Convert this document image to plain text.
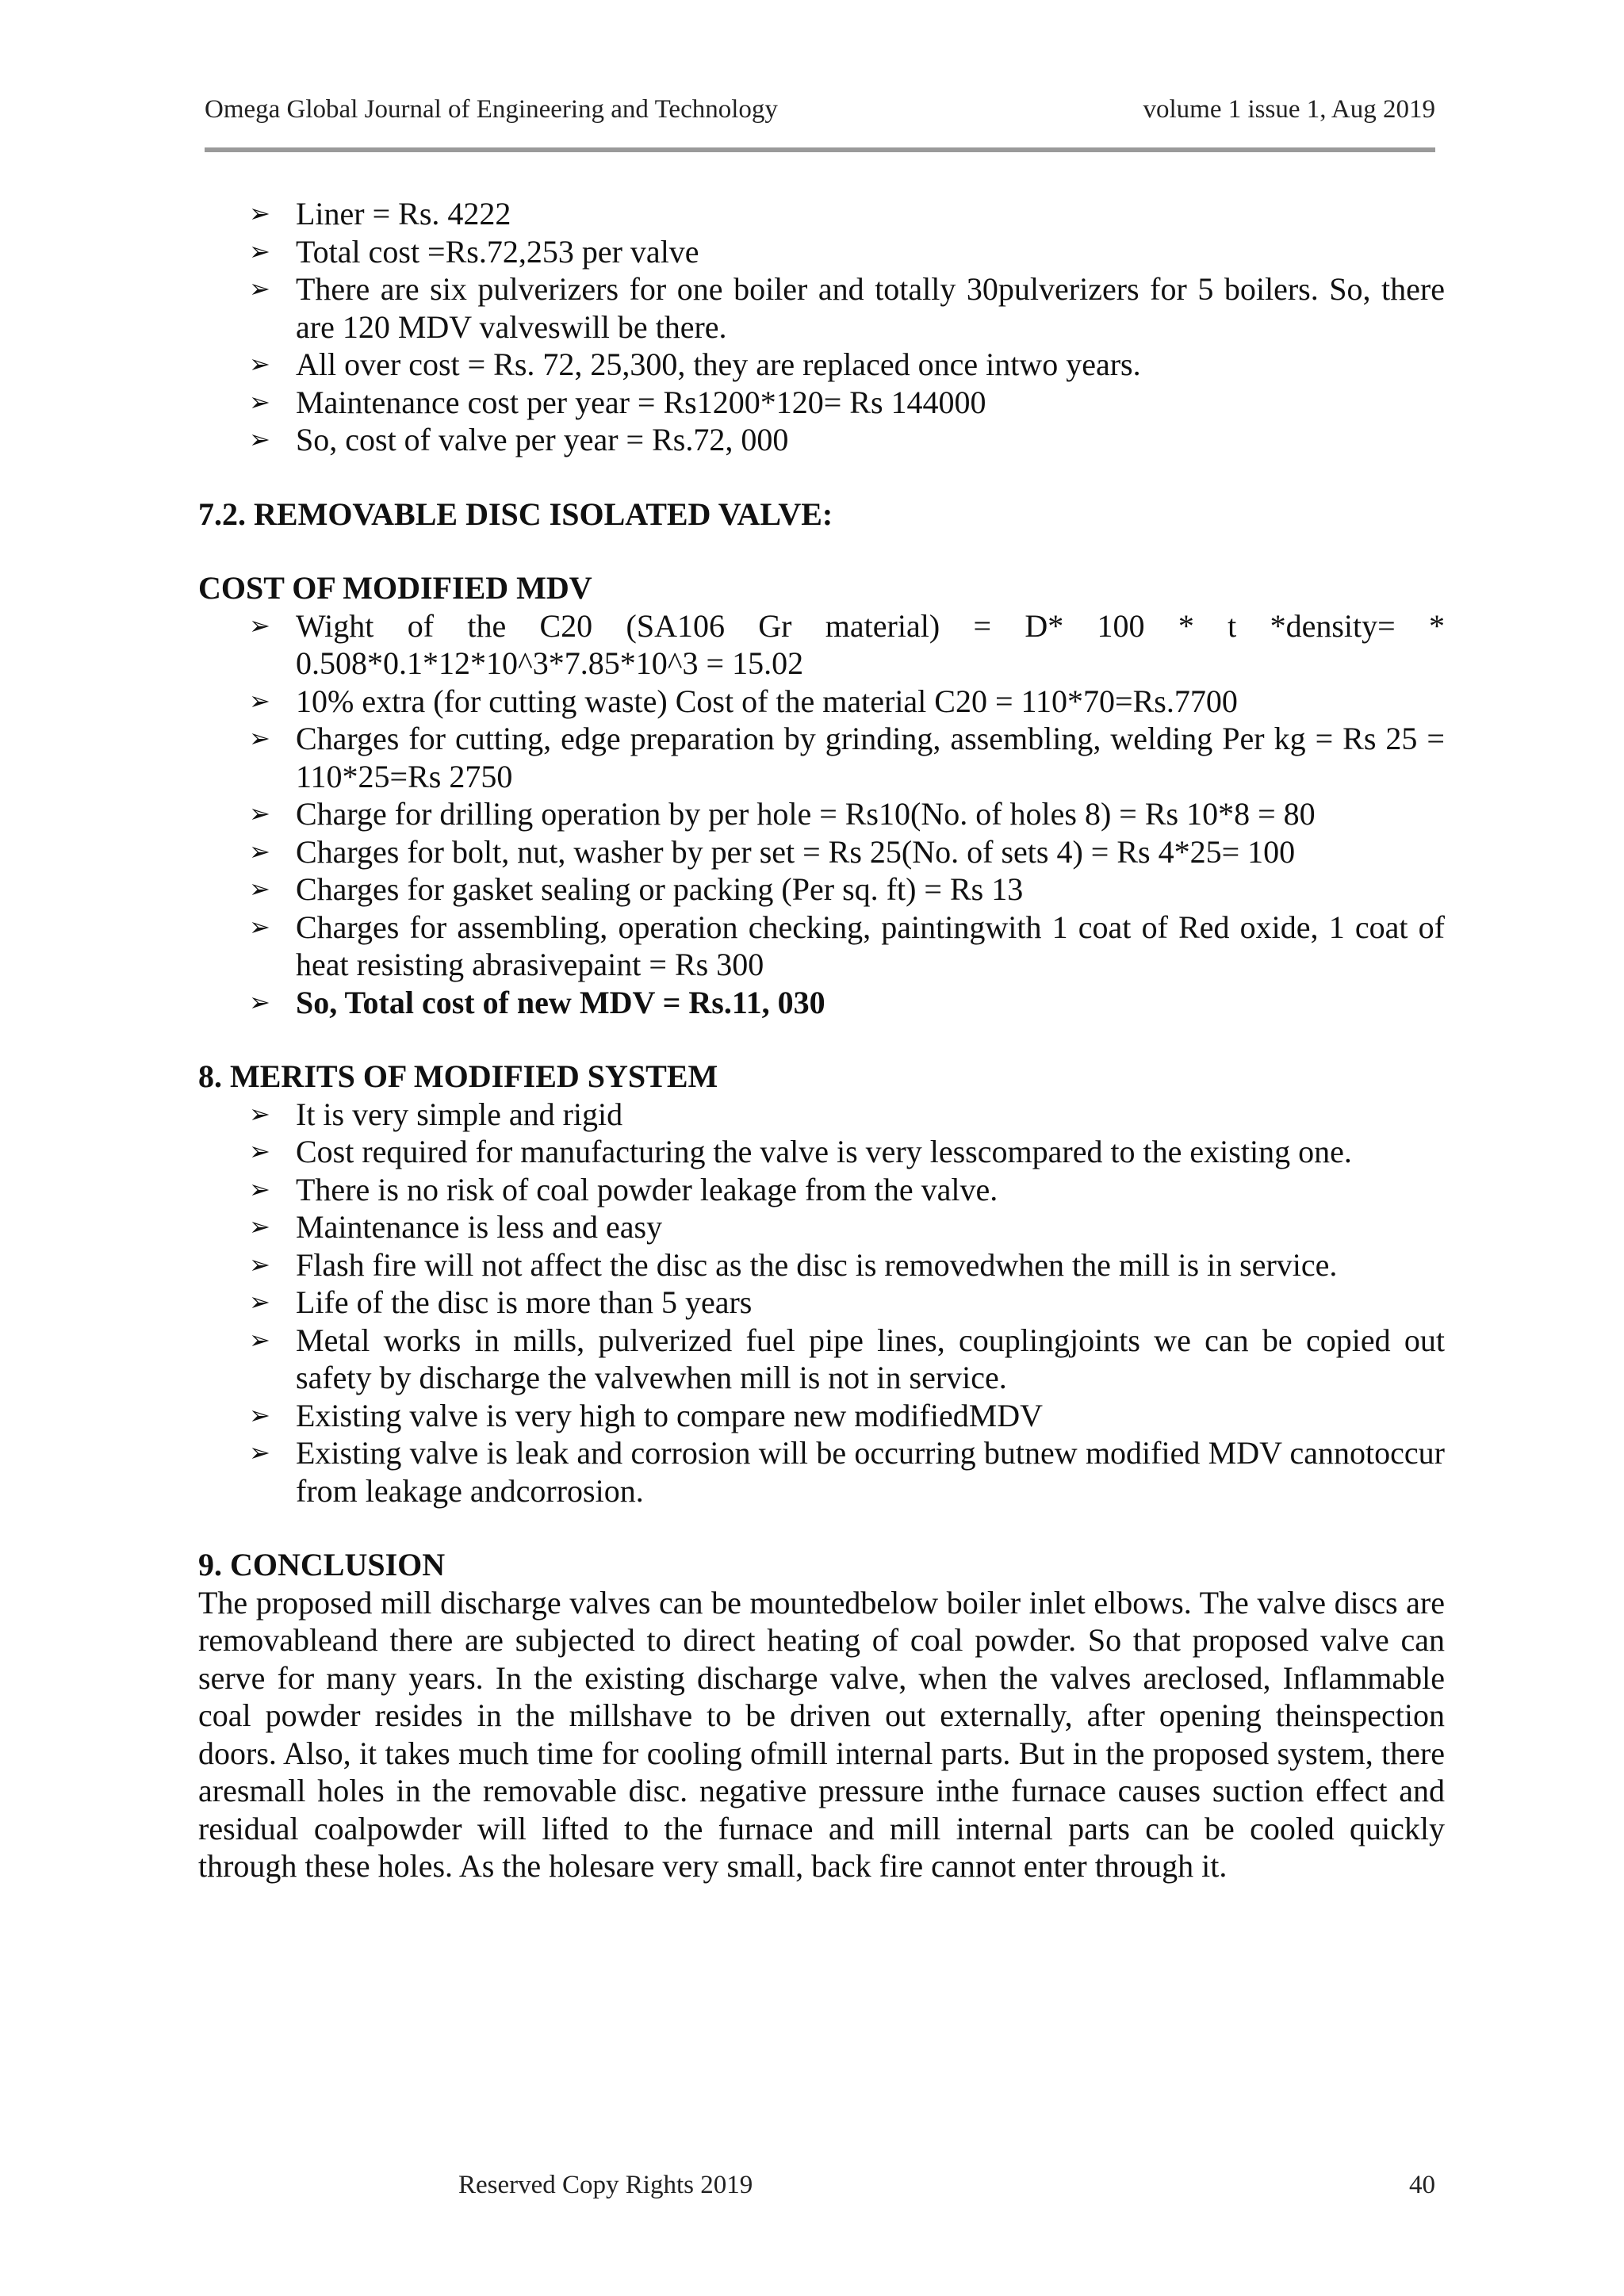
Omega Global Journal of Engineering and Technology	volume 1 issue 1, Aug 2019
➢ Liner = Rs. 4222
➢ Total cost =Rs.72,253 per valve
➢ There are six pulverizers for one boiler and totally 30pulverizers for 5 boilers. So, there are 120 MDV valveswill be there.
➢ All over cost = Rs. 72, 25,300, they are replaced once intwo years.
➢ Maintenance cost per year = Rs1200*120= Rs 144000
➢ So, cost of valve per year = Rs.72, 000
7.2. REMOVABLE DISC ISOLATED VALVE:
COST OF MODIFIED MDV
➢ Wight of the C20 (SA106 Gr material) = D* 100 * t *density= * 0.508*0.1*12*10^3*7.85*10^3 = 15.02
➢ 10% extra (for cutting waste) Cost of the material C20 = 110*70=Rs.7700
➢ Charges for cutting, edge preparation by grinding, assembling, welding Per kg = Rs 25 = 110*25=Rs 2750
➢ Charge for drilling operation by per hole = Rs10(No. of holes 8) = Rs 10*8 = 80
➢ Charges for bolt, nut, washer by per set = Rs 25(No. of sets 4) = Rs 4*25= 100
➢ Charges for gasket sealing or packing (Per sq. ft) = Rs 13
➢ Charges for assembling, operation checking, paintingwith 1 coat of Red oxide, 1 coat of heat resisting abrasivepaint = Rs 300
➢ So, Total cost of new MDV = Rs.11, 030
8. MERITS OF MODIFIED SYSTEM
➢ It is very simple and rigid
➢ Cost required for manufacturing the valve is very lesscompared to the existing one.
➢ There is no risk of coal powder leakage from the valve.
➢ Maintenance is less and easy
➢ Flash fire will not affect the disc as the disc is removedwhen the mill is in service.
➢ Life of the disc is more than 5 years
➢ Metal works in mills, pulverized fuel pipe lines, couplingjoints we can be copied out safety by discharge the valvewhen mill is not in service.
➢ Existing valve is very high to compare new modifiedMDV
➢ Existing valve is leak and corrosion will be occurring butnew modified MDV cannotoccur from leakage andcorrosion.
9. CONCLUSION

The proposed mill discharge valves can be mountedbelow boiler inlet elbows. The valve discs are removableand there are subjected to direct heating of coal powder. So that proposed valve can serve for many years. In the existing discharge valve, when the valves areclosed, Inflammable coal powder resides in the millshave to be driven out externally, after opening theinspection doors. Also, it takes much time for cooling ofmill internal parts. But in the proposed system, there aresmall holes in the removable disc. negative pressure inthe furnace causes suction effect and residual coalpowder will lifted to the furnace and mill internal parts can be cooled quickly through these holes. As the holesare very small, back fire cannot enter through it.

Reserved Copy Rights 2019	40
